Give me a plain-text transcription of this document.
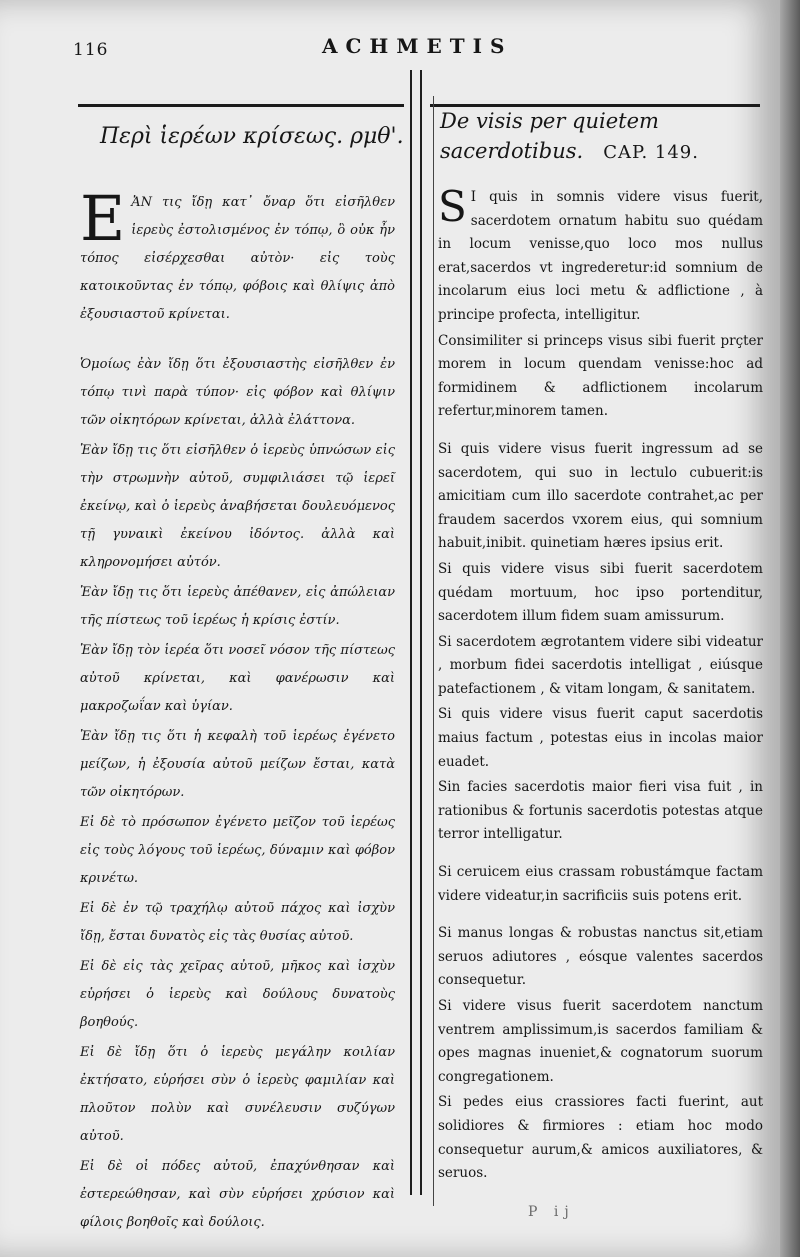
116	ACHMETIS
Περὶ ἱερέων κρίσεως. ρμθ'.

ΕἈΝ τις ἴδῃ κατ᾽ ὄναρ ὅτι εἰσῆλθεν ἱερεὺς ἐστολισμένος ἐν τόπῳ, ὃ οὐκ ἦν τόπος εἰσέρχεσθαι αὐτὸν· εἰς τοὺς κατοικοῦντας ἐν τόπῳ, φόβοις καὶ θλίψις ἀπὸ ἐξουσιαστοῦ κρίνεται.

Ὁμοίως ἐὰν ἴδῃ ὅτι ἐξουσιαστὴς εἰσῆλθεν ἐν τόπῳ τινὶ παρὰ τύπον· εἰς φόβον καὶ θλίψιν τῶν οἰκητόρων κρίνεται, ἀλλὰ ἐλάττονα.

Ἐὰν ἴδῃ τις ὅτι εἰσῆλθεν ὁ ἱερεὺς ὑπνώσων εἰς τὴν στρωμνὴν αὐτοῦ, συμφιλιάσει τῷ ἱερεῖ ἐκείνῳ, καὶ ὁ ἱερεὺς ἀναβήσεται δουλευόμενος τῇ γυναικὶ ἐκείνου ἰδόντος. ἀλλὰ καὶ κληρονομήσει αὐτόν.

Ἐὰν ἴδῃ τις ὅτι ἱερεὺς ἀπέθανεν, εἰς ἀπώλειαν τῆς πίστεως τοῦ ἱερέως ἡ κρίσις ἐστίν.

Ἐὰν ἴδῃ τὸν ἱερέα ὅτι νοσεῖ νόσον τῆς πίστεως αὐτοῦ κρίνεται, καὶ φανέρωσιν καὶ μακροζωΐαν καὶ ὑγίαν.

Ἐὰν ἴδῃ τις ὅτι ἡ κεφαλὴ τοῦ ἱερέως ἐγένετο μείζων, ἡ ἐξουσία αὐτοῦ μείζων ἔσται, κατὰ τῶν οἰκητόρων.

Εἰ δὲ τὸ πρόσωπον ἐγένετο μεῖζον τοῦ ἱερέως εἰς τοὺς λόγους τοῦ ἱερέως, δύναμιν καὶ φόβον κρινέτω.

Εἰ δὲ ἐν τῷ τραχήλῳ αὐτοῦ πάχος καὶ ἰσχὺν ἴδῃ, ἔσται δυνατὸς εἰς τὰς θυσίας αὐτοῦ.

Εἰ δὲ εἰς τὰς χεῖρας αὐτοῦ, μῆκος καὶ ἰσχὺν εὑρήσει ὁ ἱερεὺς καὶ δούλους δυνατοὺς βοηθούς.

Εἰ δὲ ἴδῃ ὅτι ὁ ἱερεὺς μεγάλην κοιλίαν ἐκτήσατο, εὑρήσει σὺν ὁ ἱερεὺς φαμιλίαν καὶ πλοῦτον πολὺν καὶ συνέλευσιν συζύγων αὐτοῦ.

Εἰ δὲ οἱ πόδες αὐτοῦ, ἐπαχύνθησαν καὶ ἐστερεώθησαν, καὶ σὺν εὑρήσει χρύσιον καὶ φίλοις βοηθοῖς καὶ δούλοις.

De visis per quietem sacerdotibus. CAP. 149.

S I quis in somnis videre visus fuerit, sacerdotem ornatum habitu suo quédam in locum venisse,quo loco mos nullus erat,sacerdos vt ingrederetur:id somnium de incolarum eius loci metu & adflictione , à principe profecta, intelligitur.

Consimiliter si princeps visus sibi fuerit prçter morem in locum quendam venisse:hoc ad formidinem & adflictionem incolarum refertur,minorem tamen.

Si quis videre visus fuerit ingressum ad se sacerdotem, qui suo in lectulo cubuerit:is amicitiam cum illo sacerdote contrahet,ac per fraudem sacerdos vxorem eius, qui somnium habuit,inibit. quinetiam hæres ipsius erit.

Si quis videre visus sibi fuerit sacerdotem quédam mortuum, hoc ipso portenditur, sacerdotem illum fidem suam amissurum.

Si sacerdotem ægrotantem videre sibi videatur , morbum fidei sacerdotis intelligat , eiúsque patefactionem , & vitam longam, & sanitatem.

Si quis videre visus fuerit caput sacerdotis maius factum , potestas eius in incolas maior euadet.

Sin facies sacerdotis maior fieri visa fuit , in rationibus & fortunis sacerdotis potestas atque terror intelligatur.

Si ceruicem eius crassam robustámque factam videre videatur,in sacrificiis suis potens erit.

Si manus longas & robustas nanctus sit,etiam seruos adiutores , eósque valentes sacerdos consequetur.

Si videre visus fuerit sacerdotem nanctum ventrem amplissimum,is sacerdos familiam & opes magnas inueniet,& cognatorum suorum congregationem.

Si pedes eius crassiores facti fuerint, aut solidiores & firmiores : etiam hoc modo consequetur aurum,& amicos auxiliatores, & seruos.

P ij
